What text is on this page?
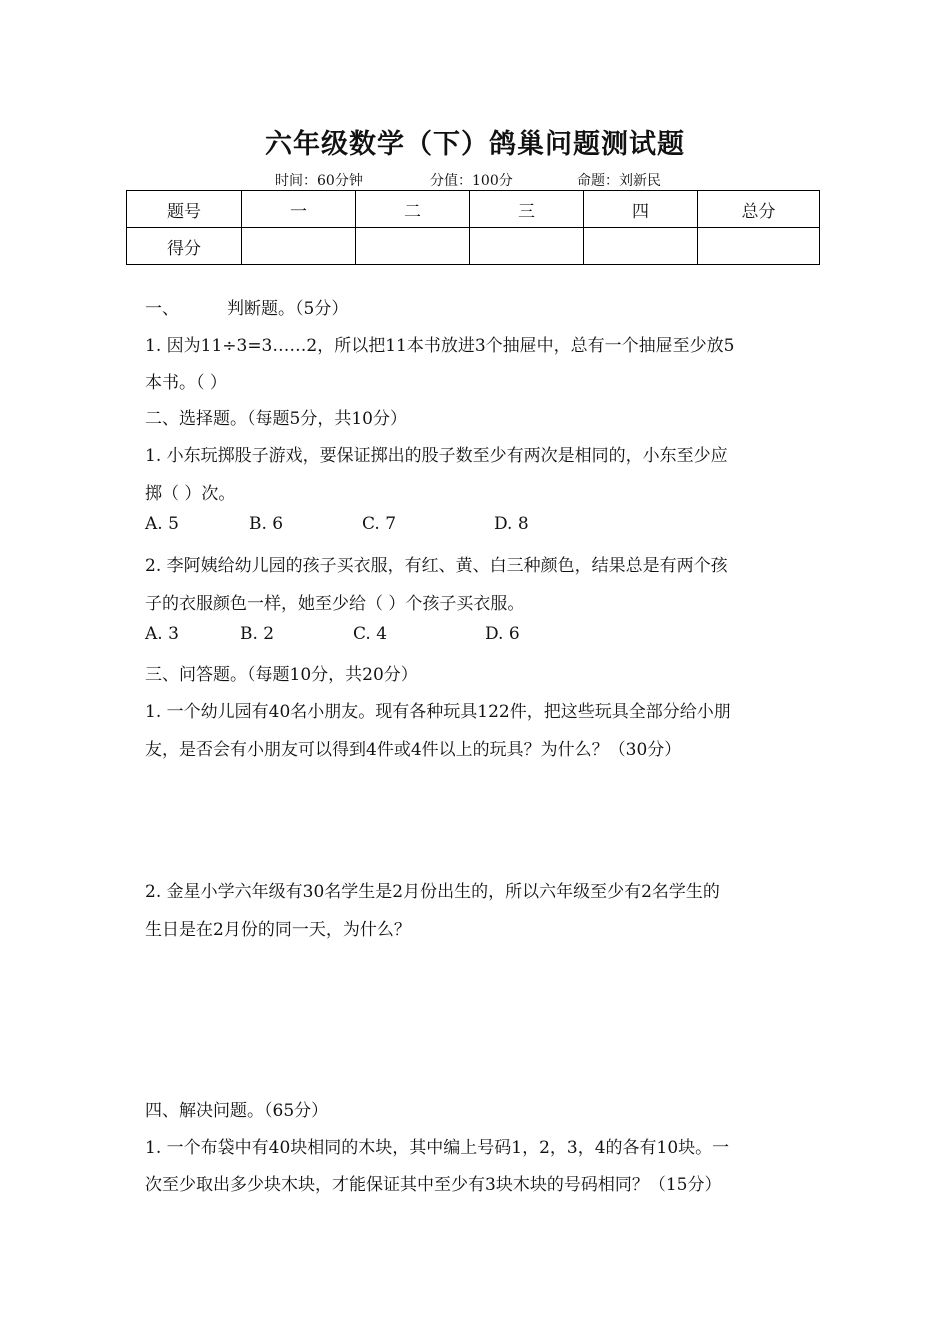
六年级数学（下）鸽巢问题测试题
时间：60分钟	分值：100分	命题：刘新民
题号	一	二	三	四	总分
得分					
一、	判断题。（5分）
1. 因为11÷3=3……2，所以把11本书放进3个抽屉中，总有一个抽屉至少放5
本书。（ ）
二、选择题。（每题5分，共10分）
1. 小东玩掷股子游戏，要保证掷出的股子数至少有两次是相同的，小东至少应
掷（ ）次。
A. 5	B. 6	C. 7	D. 8
2. 李阿姨给幼儿园的孩子买衣服，有红、黄、白三种颜色，结果总是有两个孩
子的衣服颜色一样，她至少给（ ）个孩子买衣服。
A. 3	B. 2	C. 4	D. 6
三、问答题。（每题10分，共20分）
1. 一个幼儿园有40名小朋友。现有各种玩具122件，把这些玩具全部分给小朋
友，是否会有小朋友可以得到4件或4件以上的玩具？为什么？（30分）
2. 金星小学六年级有30名学生是2月份出生的，所以六年级至少有2名学生的
生日是在2月份的同一天，为什么？
四、解决问题。（65分）
1. 一个布袋中有40块相同的木块，其中编上号码1，2，3，4的各有10块。一
次至少取出多少块木块，才能保证其中至少有3块木块的号码相同？（15分）
